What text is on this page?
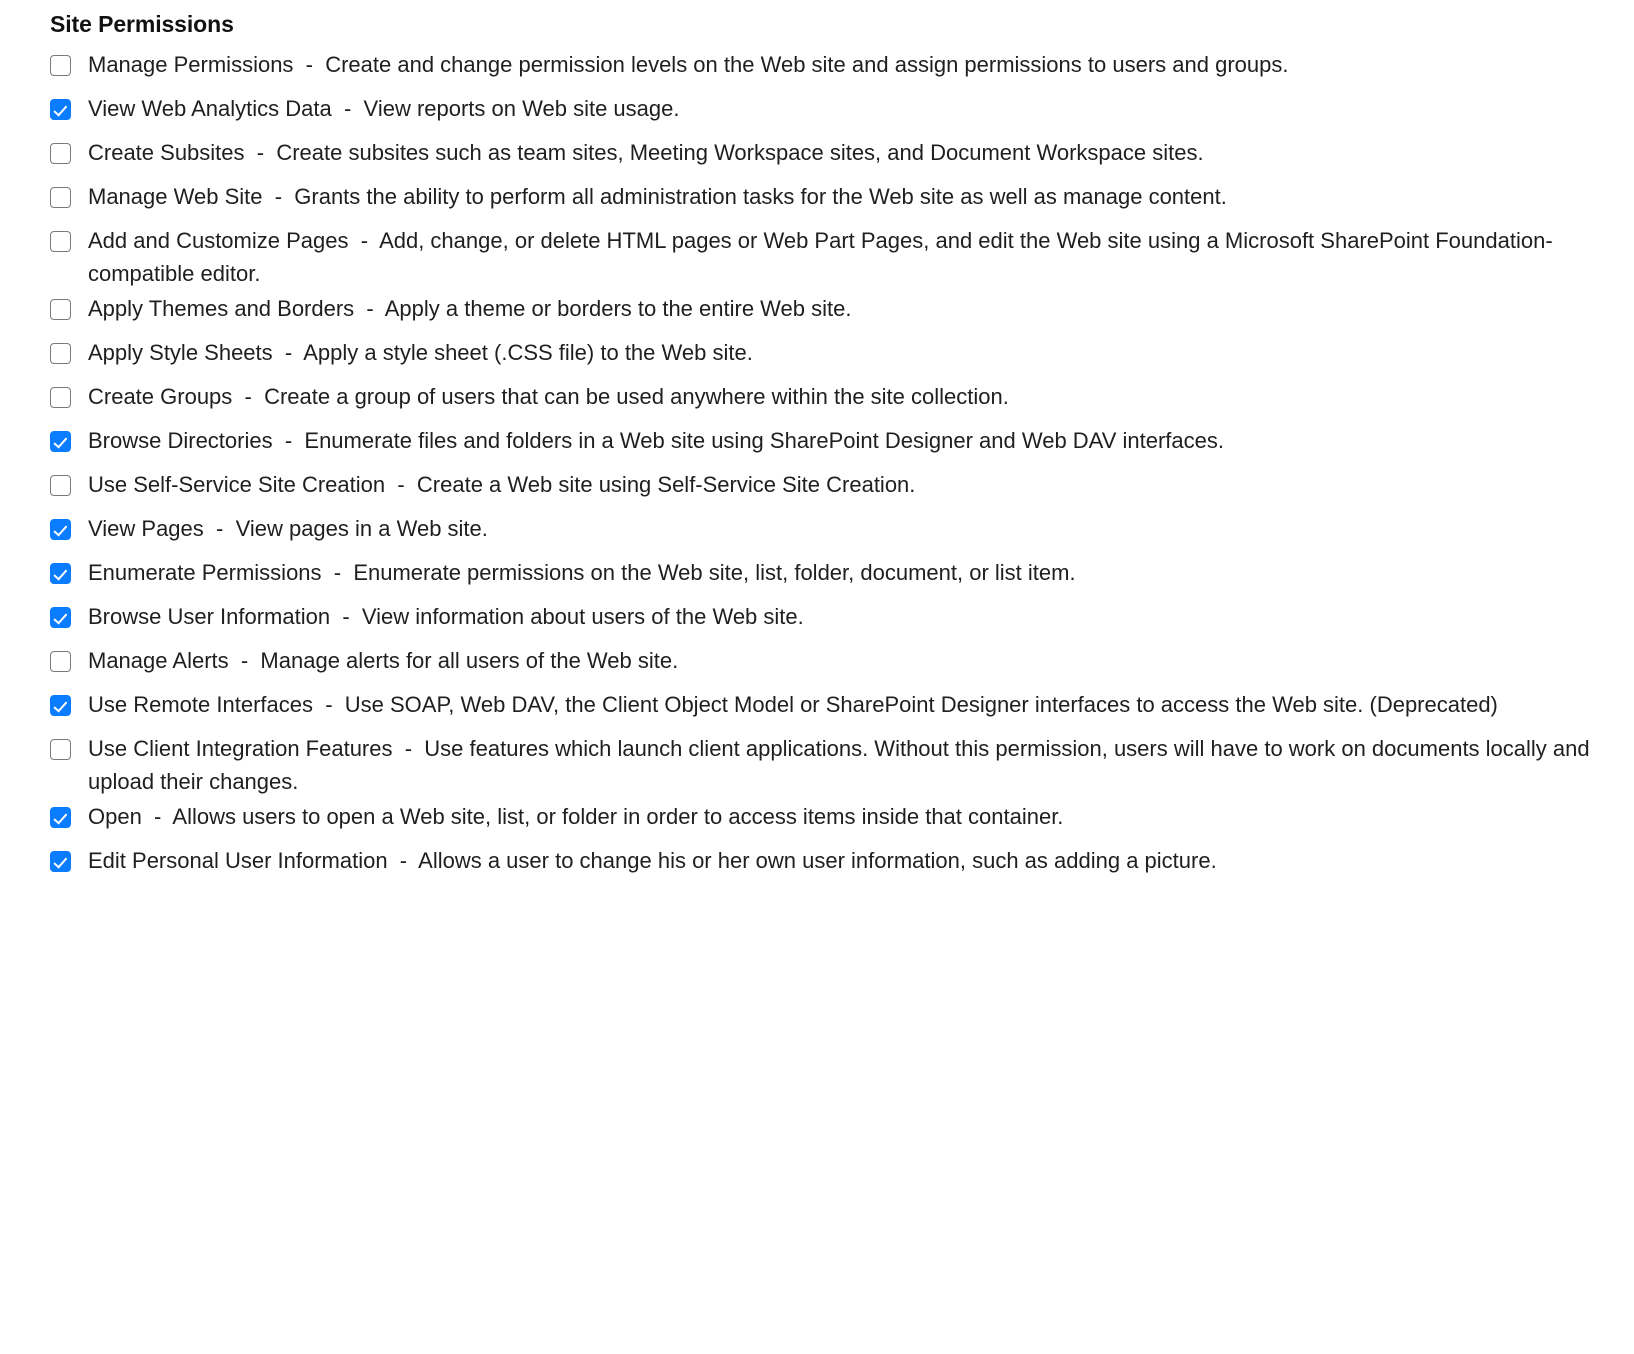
Site Permissions
Manage Permissions  -  Create and change permission levels on the Web site and assign permissions to users and groups.
View Web Analytics Data  -  View reports on Web site usage.
Create Subsites  -  Create subsites such as team sites, Meeting Workspace sites, and Document Workspace sites.
Manage Web Site  -  Grants the ability to perform all administration tasks for the Web site as well as manage content.
Add and Customize Pages  -  Add, change, or delete HTML pages or Web Part Pages, and edit the Web site using a Microsoft SharePoint Foundation-compatible editor.
Apply Themes and Borders  -  Apply a theme or borders to the entire Web site.
Apply Style Sheets  -  Apply a style sheet (.CSS file) to the Web site.
Create Groups  -  Create a group of users that can be used anywhere within the site collection.
Browse Directories  -  Enumerate files and folders in a Web site using SharePoint Designer and Web DAV interfaces.
Use Self-Service Site Creation  -  Create a Web site using Self-Service Site Creation.
View Pages  -  View pages in a Web site.
Enumerate Permissions  -  Enumerate permissions on the Web site, list, folder, document, or list item.
Browse User Information  -  View information about users of the Web site.
Manage Alerts  -  Manage alerts for all users of the Web site.
Use Remote Interfaces  -  Use SOAP, Web DAV, the Client Object Model or SharePoint Designer interfaces to access the Web site. (Deprecated)
Use Client Integration Features  -  Use features which launch client applications. Without this permission, users will have to work on documents locally and upload their changes.
Open  -  Allows users to open a Web site, list, or folder in order to access items inside that container.
Edit Personal User Information  -  Allows a user to change his or her own user information, such as adding a picture.
